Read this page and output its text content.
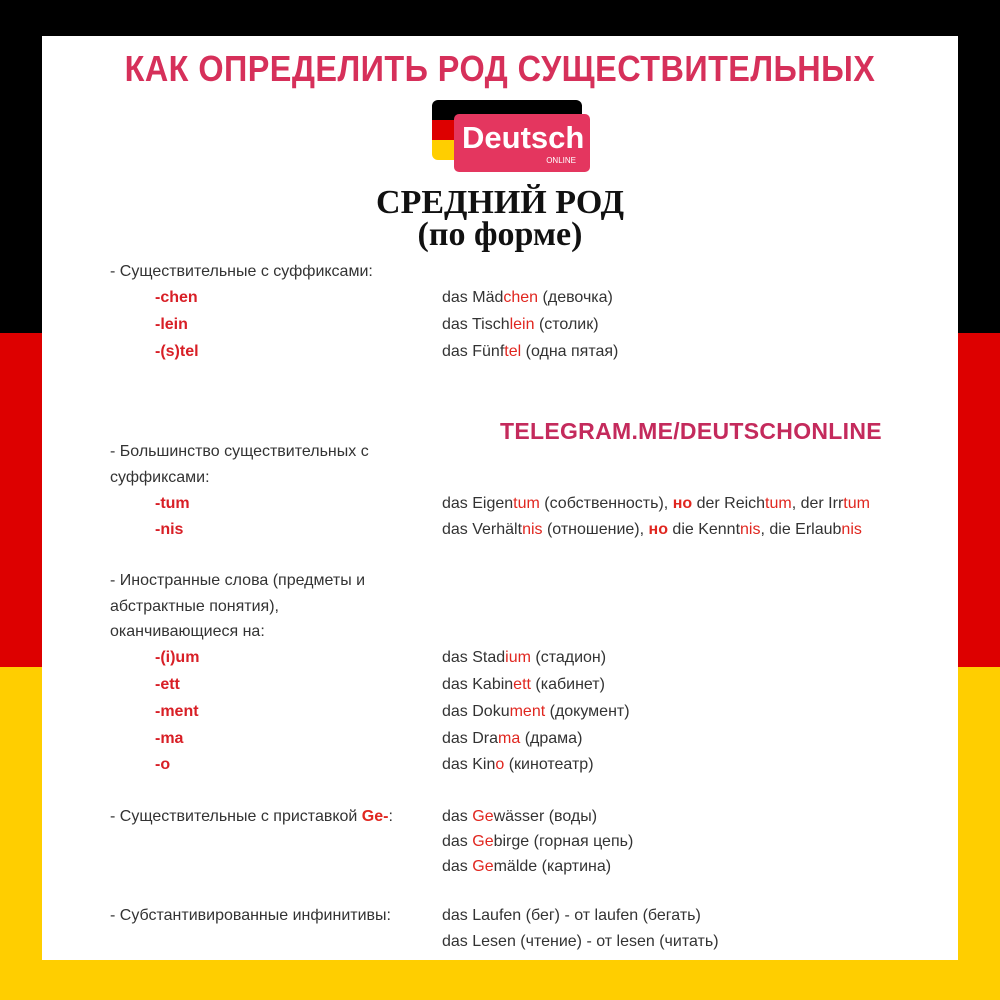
КАК ОПРЕДЕЛИТЬ РОД СУЩЕСТВИТЕЛЬНЫХ
Deutsch
ONLINE
СРЕДНИЙ РОД
(по форме)
- Существительные с суффиксами:
-chen	das Mädchen (девочка)
-lein	das Tischlein (столик)
-(s)tel	das Fünftel (одна пятая)
TELEGRAM.ME/DEUTSCHONLINE
- Большинство существительных с
суффиксами:
-tum	das Eigentum (собственность), но der Reichtum, der Irrtum
-nis	das Verhältnis (отношение), но die Kenntnis, die Erlaubnis
- Иностранные слова (предметы и
абстрактные понятия),
оканчивающиеся на:
-(i)um	das Stadium (стадион)
-ett	das Kabinett (кабинет)
-ment	das Dokument (документ)
-ma	das Drama (драма)
-o	das Kino (кинотеатр)
- Существительные с приставкой Ge-:	das Gewässer (воды)
das Gebirge (горная цепь)
das Gemälde (картина)
- Субстантивированные инфинитивы:	das Laufen (бег) - от laufen (бегать)
das Lesen (чтение) - от lesen (читать)
